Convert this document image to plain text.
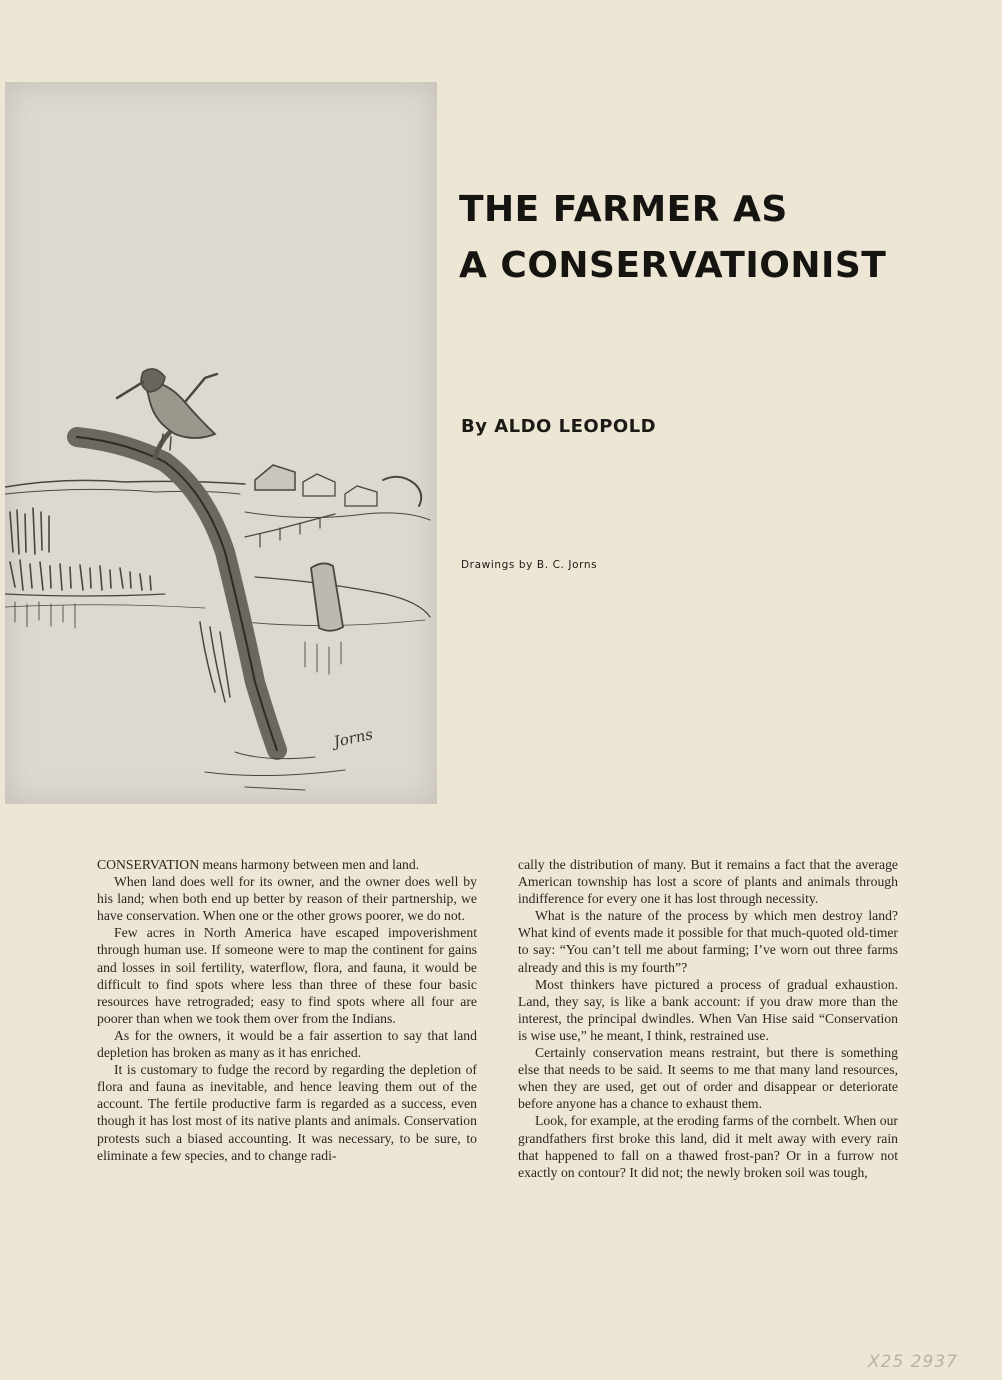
Jorns
THE FARMER AS
A CONSERVATIONIST

By ALDO LEOPOLD

Drawings by B. C. Jorns

CONSERVATION means harmony between men and land.

When land does well for its owner, and the owner does well by his land; when both end up better by reason of their partnership, we have conservation. When one or the other grows poorer, we do not.

Few acres in North America have escaped impoverishment through human use. If someone were to map the continent for gains and losses in soil fertility, waterflow, flora, and fauna, it would be difficult to find spots where less than three of these four basic resources have retrograded; easy to find spots where all four are poorer than when we took them over from the Indians.

As for the owners, it would be a fair assertion to say that land depletion has broken as many as it has enriched.

It is customary to fudge the record by regarding the depletion of flora and fauna as inevitable, and hence leaving them out of the account. The fertile productive farm is regarded as a success, even though it has lost most of its native plants and animals. Conservation protests such a biased accounting. It was necessary, to be sure, to eliminate a few species, and to change radi-

cally the distribution of many. But it remains a fact that the average American township has lost a score of plants and animals through indifference for every one it has lost through necessity.

What is the nature of the process by which men destroy land? What kind of events made it possible for that much-quoted old-timer to say: “You can’t tell me about farming; I’ve worn out three farms already and this is my fourth”?

Most thinkers have pictured a process of gradual exhaustion. Land, they say, is like a bank account: if you draw more than the interest, the principal dwindles. When Van Hise said “Conservation is wise use,” he meant, I think, restrained use.

Certainly conservation means restraint, but there is something else that needs to be said. It seems to me that many land resources, when they are used, get out of order and disappear or deteriorate before anyone has a chance to exhaust them.

Look, for example, at the eroding farms of the cornbelt. When our grandfathers first broke this land, did it melt away with every rain that happened to fall on a thawed frost-pan? Or in a furrow not exactly on contour? It did not; the newly broken soil was tough,

X25 2937
